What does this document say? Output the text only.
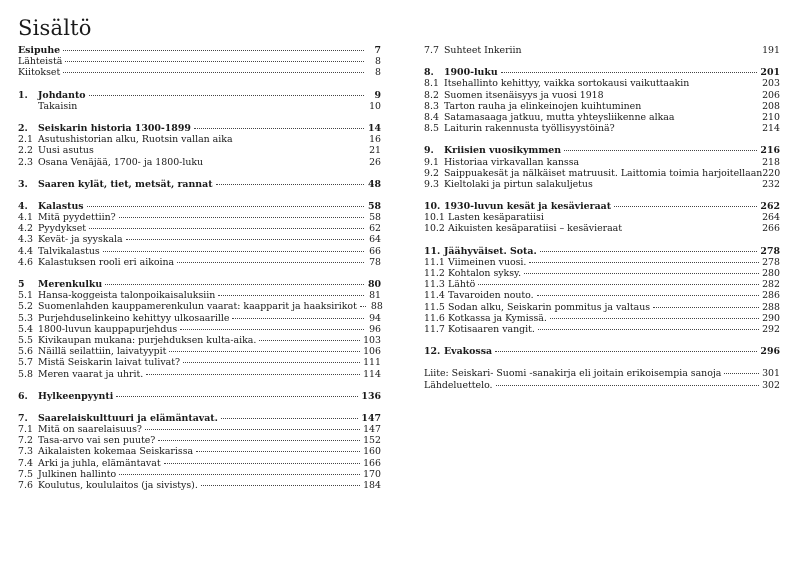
Sisältö
Esipuhe	7
Lähteistä	8
Kiitokset	8
1.	Johdanto	9
Takaisin	10
2.	Seiskarin historia 1300-1899	14
2.1 Asutushistorian alku, Ruotsin vallan aika	16
2.2 Uusi asutus	21
2.3 Osana Venäjää, 1700- ja 1800-luku	26
3.	Saaren kylät, tiet, metsät, rannat	48
4.	Kalastus	58
4.1 Mitä pyydettiin?	58
4.2 Pyydykset	62
4.3 Kevät- ja syyskala	64
4.4 Talvikalastus	66
4.6 Kalastuksen rooli eri aikoina	78
5	Merenkulku	80
5.1 Hansa-koggeista talonpoikaisaluksiin	81
5.2 Suomenlahden kauppamerenkulun vaarat: kaapparit ja haaksirikot 88
5.3 Purjehduselinkeino kehittyy ulkosaarille	94
5.4 1800-luvun kauppapurjehdus	96
5.5 Kivikaupan mukana: purjehduksen kulta-aika.	103
5.6 Näillä seilattiin, laivatyypit	106
5.7 Mistä Seiskarin laivat tulivat?	111
5.8 Meren vaarat ja uhrit.	114
6.	Hylkeenpyynti	136
7.	Saarelaiskulttuuri ja elämäntavat.	147
7.1 Mitä on saarelaisuus?	147
7.2 Tasa-arvo vai sen puute?	152
7.3 Aikalaisten kokemaa Seiskarissa	160
7.4 Arki ja juhla, elämäntavat	166
7.5 Julkinen hallinto	170
7.6 Koulutus, koululaitos (ja sivistys).	184
7.7 Suhteet Inkeriin	191
8.	1900-luku	201
8.1 Itsehallinto kehittyy, vaikka sortokausi vaikuttaakin	203
8.2 Suomen itsenäisyys ja vuosi 1918	206
8.3 Tarton rauha ja elinkeinojen kuihtuminen	208
8.4 Satamasaaga jatkuu, mutta yhteysliikenne alkaa	210
8.5 Laiturin rakennusta työllisyystöinä?	214
9.	Kriisien vuosikymmen	216
9.1 Historiaa virkavallan kanssa	218
9.2 Saippuakesät ja nälkäiset matruusit. Laittomia toimia harjoitellaan 220
9.3 Kieltolaki ja pirtun salakuljetus	232
10. 1930-luvun kesät ja kesävieraat	262
10.1 Lasten kesäparatiisi	264
10.2 Aikuisten kesäparatiisi – kesävieraat	266
11. Jäähyväiset. Sota.	278
11.1 Viimeinen vuosi.	278
11.2 Kohtalon syksy.	280
11.3 Lähtö	282
11.4 Tavaroiden nouto.	286
11.5 Sodan alku, Seiskarin pommitus ja valtaus	288
11.6 Kotkassa ja Kymissä.	290
11.7 Kotisaaren vangit.	292
12. Evakossa	296
Liite: Seiskari- Suomi -sanakirja eli joitain erikoisempia sanoja	301
Lähdeluettelo.	302
